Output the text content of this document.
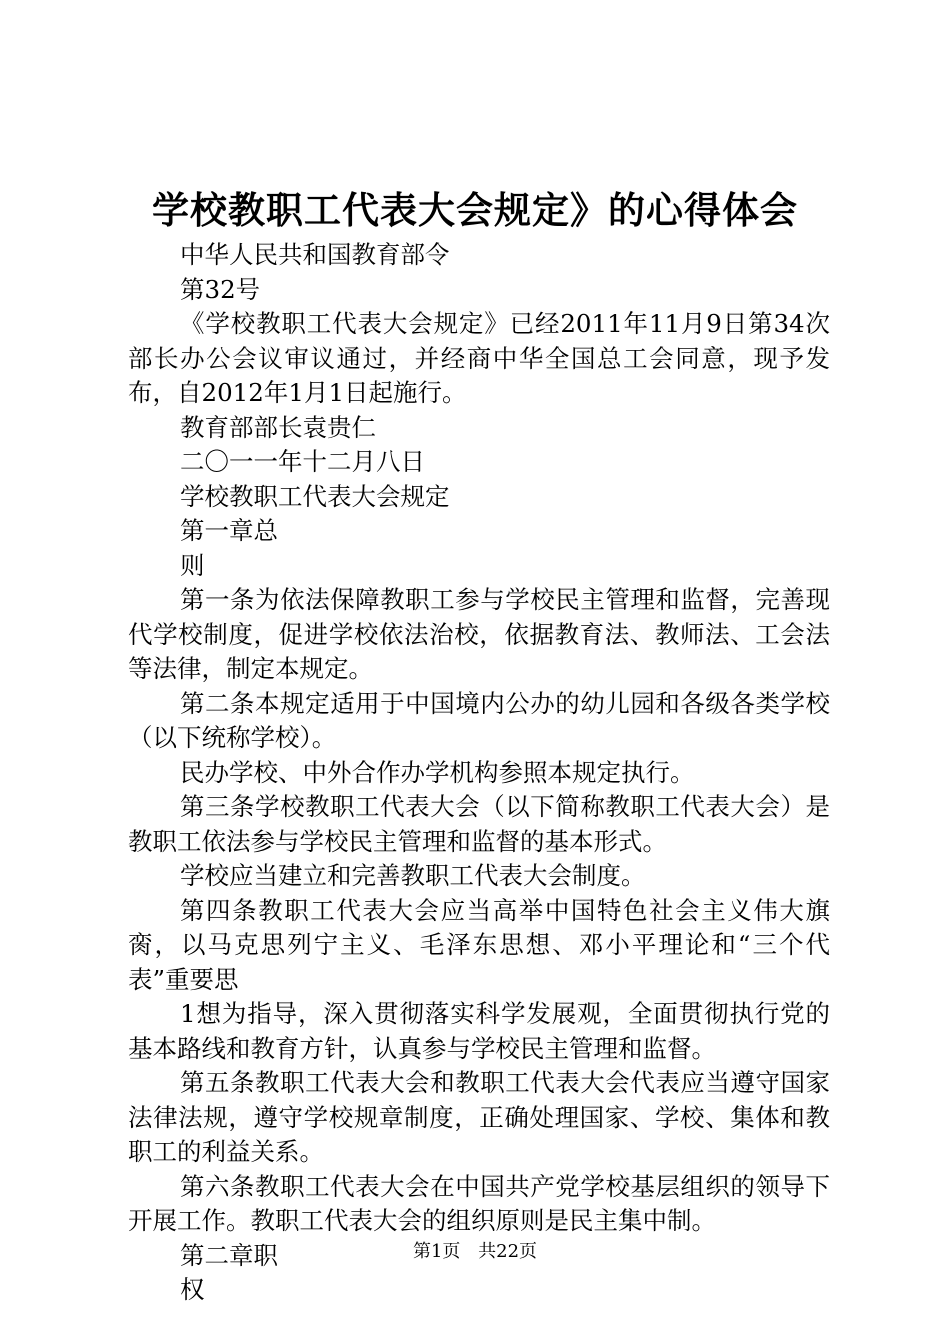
学校教职工代表大会规定》的心得体会

中华人民共和国教育部令

第32号

《学校教职工代表大会规定》已经2011年11月9日第34次部长办公会议审议通过，并经商中华全国总工会同意，现予发布，自2012年1月1日起施行。

教育部部长袁贵仁

二〇一一年十二月八日

学校教职工代表大会规定

第一章总

则

第一条为依法保障教职工参与学校民主管理和监督，完善现代学校制度，促进学校依法治校，依据教育法、教师法、工会法等法律，制定本规定。

第二条本规定适用于中国境内公办的幼儿园和各级各类学校（以下统称学校）。

民办学校、中外合作办学机构参照本规定执行。

第三条学校教职工代表大会（以下简称教职工代表大会）是教职工依法参与学校民主管理和监督的基本形式。

学校应当建立和完善教职工代表大会制度。

第四条教职工代表大会应当高举中国特色社会主义伟大旗脔，以马克思列宁主义、毛泽东思想、邓小平理论和“三个代表”重要思

1想为指导，深入贯彻落实科学发展观，全面贯彻执行党的基本路线和教育方针，认真参与学校民主管理和监督。

第五条教职工代表大会和教职工代表大会代表应当遵守国家法律法规，遵守学校规章制度，正确处理国家、学校、集体和教职工的利益关系。

第六条教职工代表大会在中国共产党学校基层组织的领导下开展工作。教职工代表大会的组织原则是民主集中制。

第二章职

权

第1页 共22页
